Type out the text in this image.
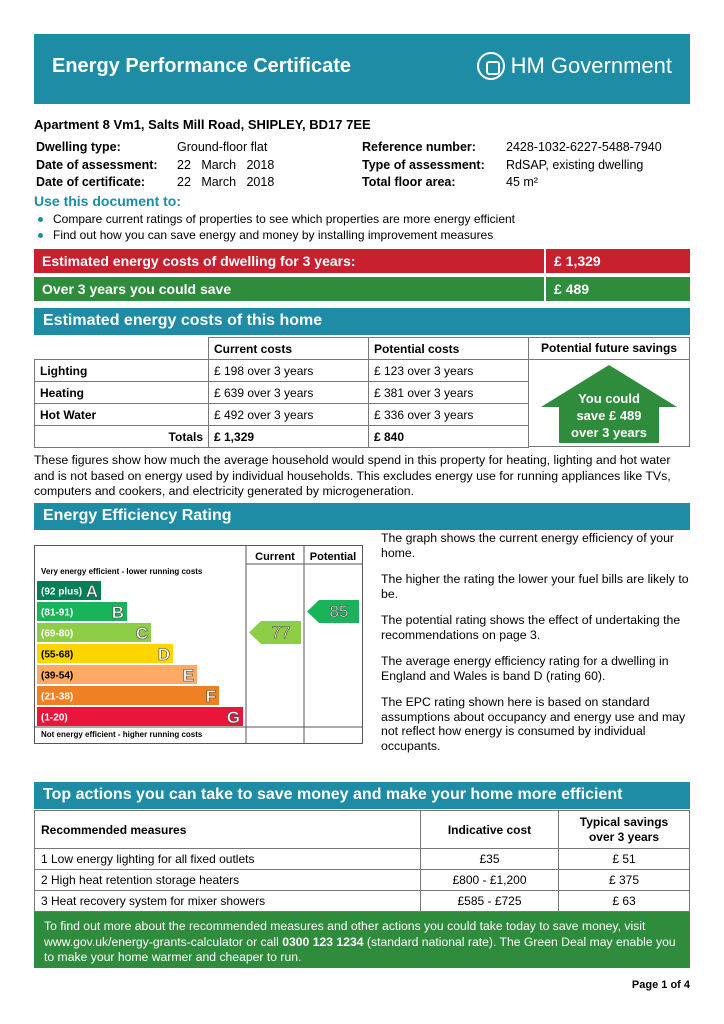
Energy Performance Certificate	HM Government
Apartment 8 Vm1, Salts Mill Road, SHIPLEY, BD17 7EE
Dwelling type:	Ground-floor flat	Reference number: 2428-1032-6227-5488-7940
Date of assessment: 22   March   2018	Type of assessment: RdSAP, existing dwelling
Date of certificate:	22   March   2018	Total floor area:	45 m²
Use this document to:
Compare current ratings of properties to see which properties are more energy efficient
Find out how you can save energy and money by installing improvement measures
Estimated energy costs of dwelling for 3 years:	£ 1,329
Over 3 years you could save	£ 489
Estimated energy costs of this home
	Current costs	Potential costs
Lighting	£ 198 over 3 years	£ 123 over 3 years
Heating	£ 639 over 3 years	£ 381 over 3 years
Hot Water	£ 492 over 3 years	£ 336 over 3 years
Totals	£ 1,329	£ 840
Potential future savings
You could
save £ 489
over 3 years
These figures show how much the average household would spend in this property for heating, lighting and hot water and is not based on energy used by individual households. This excludes energy use for running appliances like TVs, computers and cookers, and electricity generated by microgeneration.
Energy Efficiency Rating
Current Potential
Very energy efficient - lower running costs
Not energy efficient - higher running costs
(92 plus) A
(81-91) B
(69-80)	C
(55-68)	D
(39-54)	E
(21-38)	F
(1-20)	G
77
85

The graph shows the current energy efficiency of your home.

The higher the rating the lower your fuel bills are likely to be.

The potential rating shows the effect of undertaking the recommendations on page 3.

The average energy efficiency rating for a dwelling in England and Wales is band D (rating 60).

The EPC rating shown here is based on standard assumptions about occupancy and energy use and may not reflect how energy is consumed by individual occupants.

Top actions you can take to save money and make your home more efficient
Recommended measures	Indicative cost	Typical savings
over 3 years

1 Low energy lighting for all fixed outlets	£35	£ 51
2 High heat retention storage heaters	£800 - £1,200	£ 375
3 Heat recovery system for mixer showers	£585 - £725	£ 63
To find out more about the recommended measures and other actions you could take today to save money, visit www.gov.uk/energy-grants-calculator or call 0300 123 1234 (standard national rate). The Green Deal may enable you to make your home warmer and cheaper to run.
Page 1 of 4
